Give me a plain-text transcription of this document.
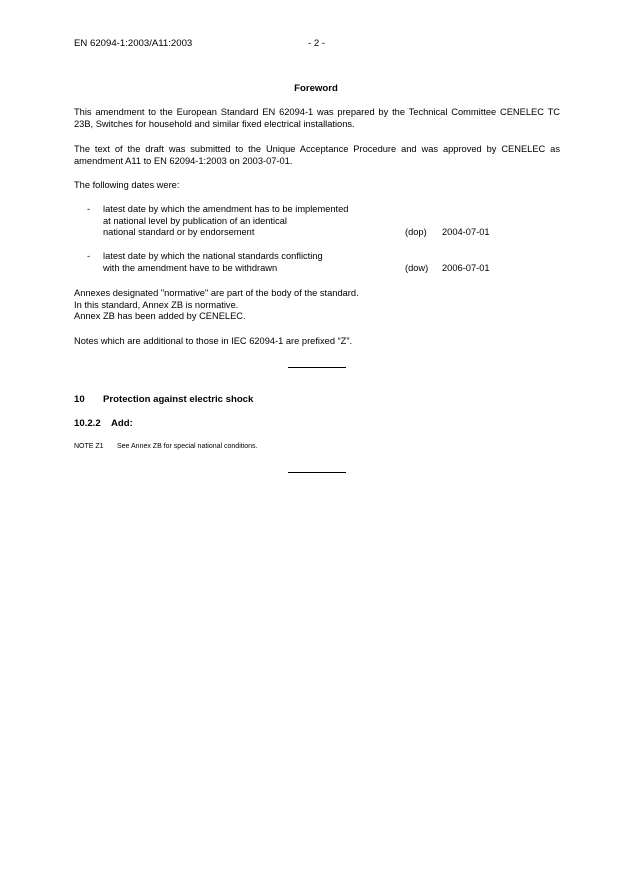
EN 62094-1:2003/A11:2003	- 2 -
Foreword
This amendment to the European Standard EN 62094-1 was prepared by the Technical Committee CENELEC TC 23B, Switches for household and similar fixed electrical installations.
The text of the draft was submitted to the Unique Acceptance Procedure and was approved by CENELEC as amendment A11 to EN 62094-1:2003 on 2003-07-01.
The following dates were:
- latest date by which the amendment has to be implemented
at national level by publication of an identical
national standard or by endorsement	(dop) 2004-07-01
- latest date by which the national standards conflicting
with the amendment have to be withdrawn	(dow) 2006-07-01
Annexes designated "normative" are part of the body of the standard.
In this standard, Annex ZB is normative.
Annex ZB has been added by CENELEC.
Notes which are additional to those in IEC 62094-1 are prefixed “Z”.
10 Protection against electric shock
10.2.2 Add:
NOTE Z1 See Annex ZB for special national conditions.
